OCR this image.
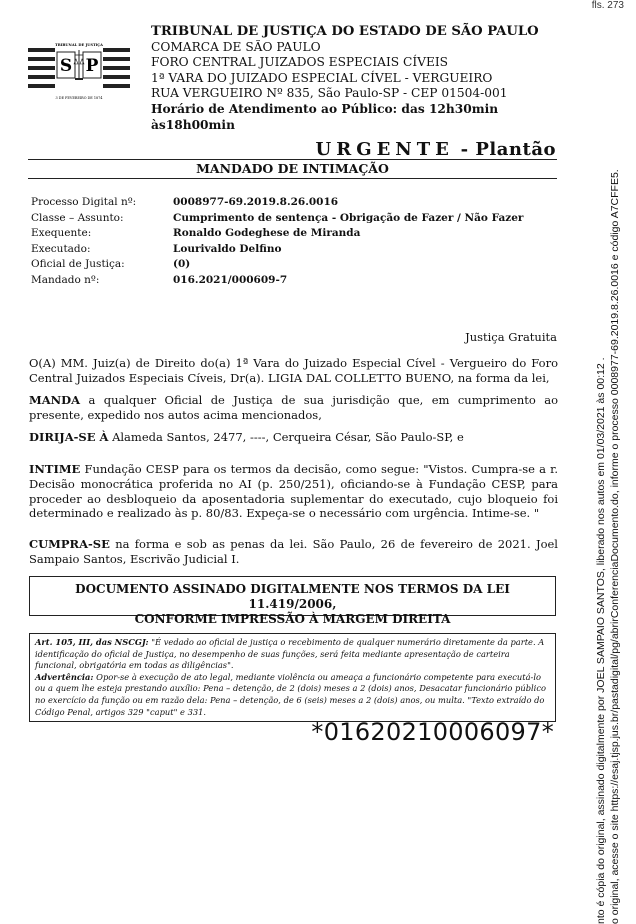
fls. 273
TRIBUNAL DE JUSTIÇA
S P
3 DE FEVEREIRO DE 1874
TRIBUNAL DE JUSTIÇA DO ESTADO DE SÃO PAULO
COMARCA DE SÃO PAULO
FORO CENTRAL JUIZADOS ESPECIAIS CÍVEIS
1ª VARA DO JUIZADO ESPECIAL CÍVEL - VERGUEIRO
RUA VERGUEIRO Nº 835, São Paulo-SP - CEP 01504-001
Horário de Atendimento ao Público: das 12h30min às18h00min
URGENTE - Plantão
MANDADO DE INTIMAÇÃO
Processo Digital nº:	0008977-69.2019.8.26.0016
Classe – Assunto:	Cumprimento de sentença - Obrigação de Fazer / Não Fazer
Exequente:	Ronaldo Godeghese de Miranda
Executado:	Lourivaldo Delfino
Oficial de Justiça:	(0)
Mandado nº:	016.2021/000609-7
Justiça Gratuita
O(A) MM. Juiz(a) de Direito do(a) 1ª Vara do Juizado Especial Cível - Vergueiro do Foro Central Juizados Especiais Cíveis, Dr(a). LIGIA DAL COLLETTO BUENO, na forma da lei,
MANDA a qualquer Oficial de Justiça de sua jurisdição que, em cumprimento ao presente, expedido nos autos acima mencionados,
DIRIJA-SE À Alameda Santos, 2477, ----, Cerqueira César, São Paulo-SP, e
INTIME Fundação CESP para os termos da decisão, como segue: "Vistos. Cumpra-se a r. Decisão monocrática proferida no AI (p. 250/251), oficiando-se à Fundação CESP, para proceder ao desbloqueio da aposentadoria suplementar do executado, cujo bloqueio foi determinado e realizado às p. 80/83. Expeça-se o necessário com urgência. Intime-se. "
CUMPRA-SE na forma e sob as penas da lei. São Paulo, 26 de fevereiro de 2021. Joel Sampaio Santos, Escrivão Judicial I.
DOCUMENTO ASSINADO DIGITALMENTE NOS TERMOS DA LEI 11.419/2006,
CONFORME IMPRESSÃO À MARGEM DIREITA
Art. 105, III, das NSCGJ: "É vedado ao oficial de justiça o recebimento de qualquer numerário diretamente da parte. A identificação do oficial de Justiça, no desempenho de suas funções, será feita mediante apresentação de carteira funcional, obrigatória em todas as diligências".
Advertência: Opor-se à execução de ato legal, mediante violência ou ameaça a funcionário competente para executá-lo ou a quem lhe esteja prestando auxílio: Pena – detenção, de 2 (dois) meses a 2 (dois) anos, Desacatar funcionário público no exercício da função ou em razão dela: Pena – detenção, de 6 (seis) meses a 2 (dois) anos, ou multa. "Texto extraído do Código Penal, artigos 329 "caput" e 331.
*01620210006097*	nto é cópia do original, assinado digitalmente por JOEL SAMPAIO SANTOS, liberado nos autos em 01/03/2021 às 00:12 . o original, acesse o site https://esaj.tjsp.jus.br/pastadigital/pg/abrirConferenciaDocumento.do, informe o processo 0008977-69.2019.8.26.0016 e código A7CFFE5.
